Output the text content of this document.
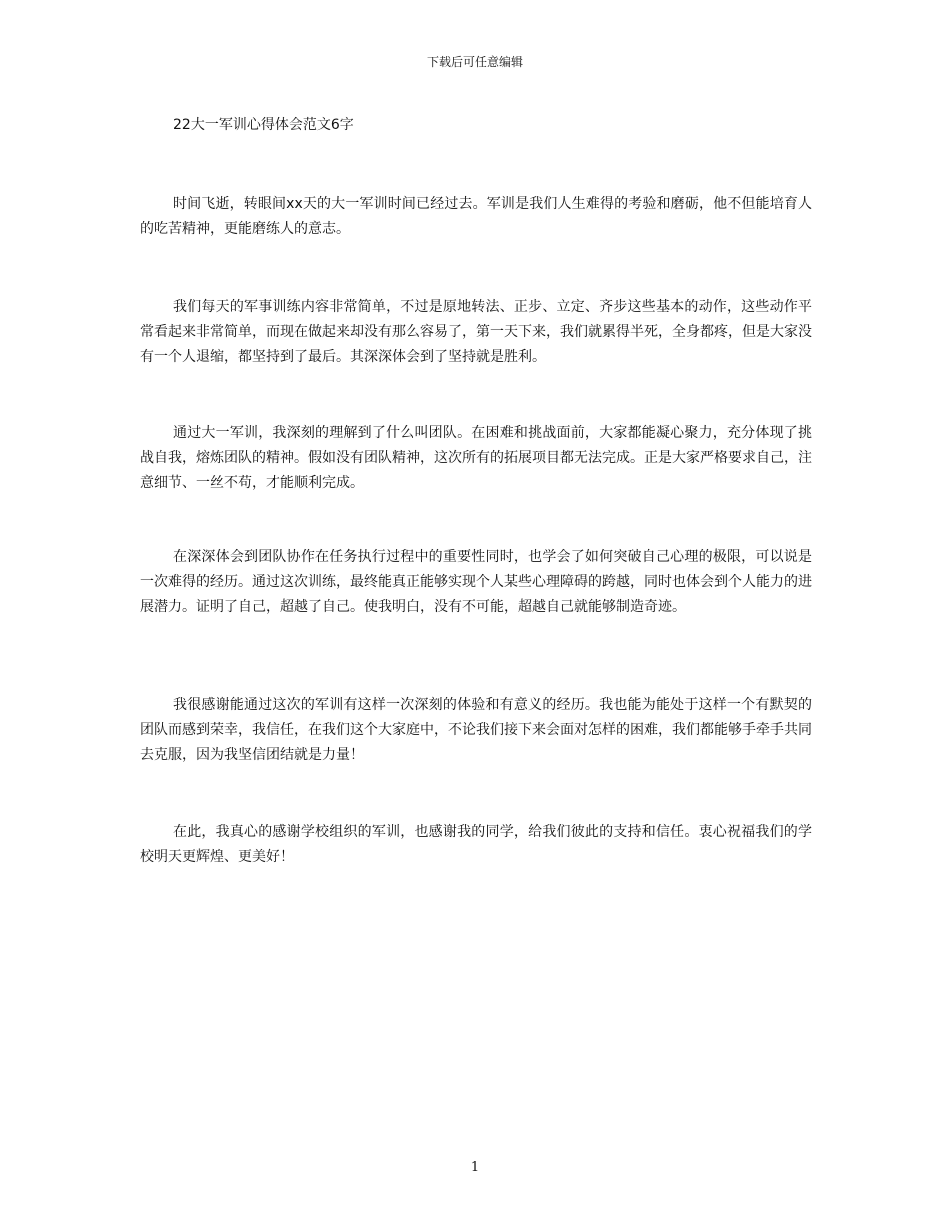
下载后可任意编辑
22大一军训心得体会范文6字

时间飞逝，转眼间xx天的大一军训时间已经过去。军训是我们人生难得的考验和磨砺，他不但能培育人的吃苦精神，更能磨练人的意志。

我们每天的军事训练内容非常简单，不过是原地转法、正步、立定、齐步这些基本的动作，这些动作平常看起来非常简单，而现在做起来却没有那么容易了，第一天下来，我们就累得半死，全身都疼，但是大家没有一个人退缩，都坚持到了最后。其深深体会到了坚持就是胜利。

通过大一军训，我深刻的理解到了什么叫团队。在困难和挑战面前，大家都能凝心聚力，充分体现了挑战自我，熔炼团队的精神。假如没有团队精神，这次所有的拓展项目都无法完成。正是大家严格要求自己，注意细节、一丝不苟，才能顺利完成。

在深深体会到团队协作在任务执行过程中的重要性同时，也学会了如何突破自己心理的极限，可以说是一次难得的经历。通过这次训练，最终能真正能够实现个人某些心理障碍的跨越，同时也体会到个人能力的进展潜力。证明了自己，超越了自己。使我明白，没有不可能，超越自己就能够制造奇迹。

我很感谢能通过这次的军训有这样一次深刻的体验和有意义的经历。我也能为能处于这样一个有默契的团队而感到荣幸，我信任，在我们这个大家庭中，不论我们接下来会面对怎样的困难，我们都能够手牵手共同去克服，因为我坚信团结就是力量！

在此，我真心的感谢学校组织的军训，也感谢我的同学，给我们彼此的支持和信任。衷心祝福我们的学校明天更辉煌、更美好！

1
